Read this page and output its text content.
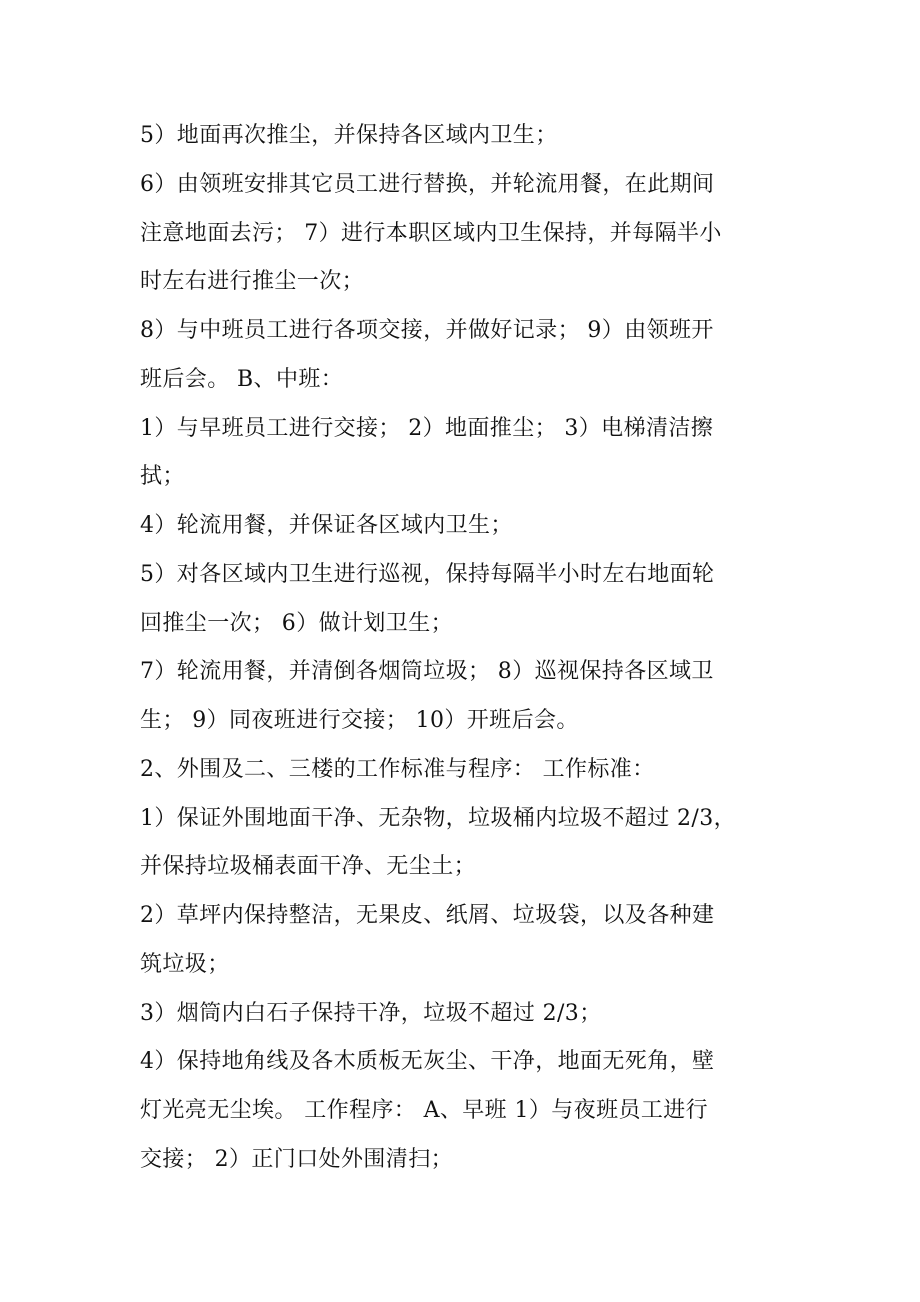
5）地面再次推尘，并保持各区域内卫生；
6）由领班安排其它员工进行替换，并轮流用餐，在此期间
注意地面去污； 7）进行本职区域内卫生保持，并每隔半小
时左右进行推尘一次；
8）与中班员工进行各项交接，并做好记录； 9）由领班开
班后会。 B、中班：
1）与早班员工进行交接； 2）地面推尘； 3）电梯清洁擦
拭；
4）轮流用餐，并保证各区域内卫生；
5）对各区域内卫生进行巡视，保持每隔半小时左右地面轮
回推尘一次； 6）做计划卫生；
7）轮流用餐，并清倒各烟筒垃圾； 8）巡视保持各区域卫
生； 9）同夜班进行交接； 10）开班后会。
2、外围及二、三楼的工作标准与程序： 工作标准：
1）保证外围地面干净、无杂物，垃圾桶内垃圾不超过 2/3，
并保持垃圾桶表面干净、无尘土；
2）草坪内保持整洁，无果皮、纸屑、垃圾袋，以及各种建
筑垃圾；
3）烟筒内白石子保持干净，垃圾不超过 2/3；
4）保持地角线及各木质板无灰尘、干净，地面无死角，壁
灯光亮无尘埃。 工作程序： A、早班 1）与夜班员工进行
交接； 2）正门口处外围清扫；
